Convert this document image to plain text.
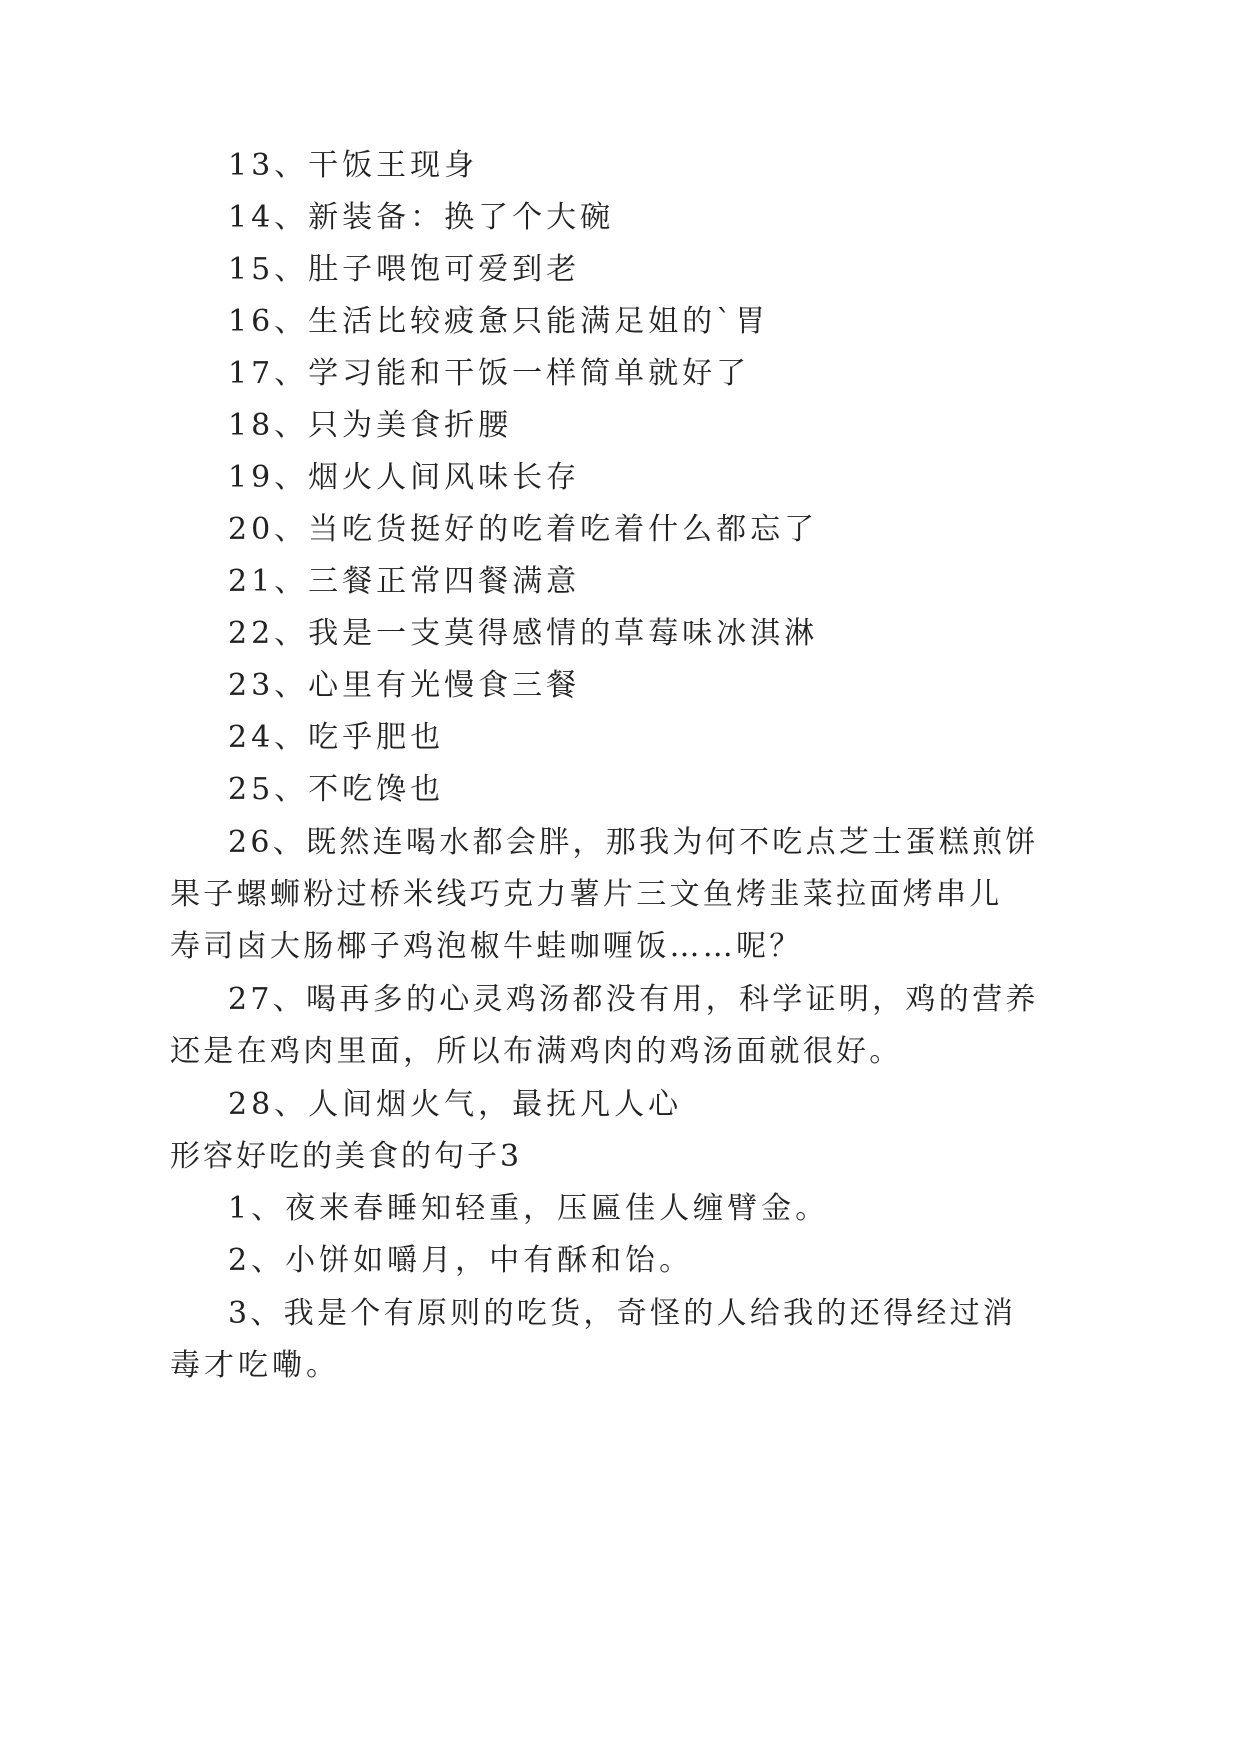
13、干饭王现身
14、新装备：换了个大碗
15、肚子喂饱可爱到老
16、生活比较疲惫只能满足姐的`胃
17、学习能和干饭一样简单就好了
18、只为美食折腰
19、烟火人间风味长存
20、当吃货挺好的吃着吃着什么都忘了
21、三餐正常四餐满意
22、我是一支莫得感情的草莓味冰淇淋
23、心里有光慢食三餐
24、吃乎肥也
25、不吃馋也
26、既然连喝水都会胖，那我为何不吃点芝士蛋糕煎饼
果子螺蛳粉过桥米线巧克力薯片三文鱼烤韭菜拉面烤串儿
寿司卤大肠椰子鸡泡椒牛蛙咖喱饭……呢？
27、喝再多的心灵鸡汤都没有用，科学证明，鸡的营养
还是在鸡肉里面，所以布满鸡肉的鸡汤面就很好。
28、人间烟火气，最抚凡人心
形容好吃的美食的句子3
1、夜来春睡知轻重，压匾佳人缠臂金。
2、小饼如嚼月，中有酥和饴。
3、我是个有原则的吃货，奇怪的人给我的还得经过消
毒才吃嘞。
